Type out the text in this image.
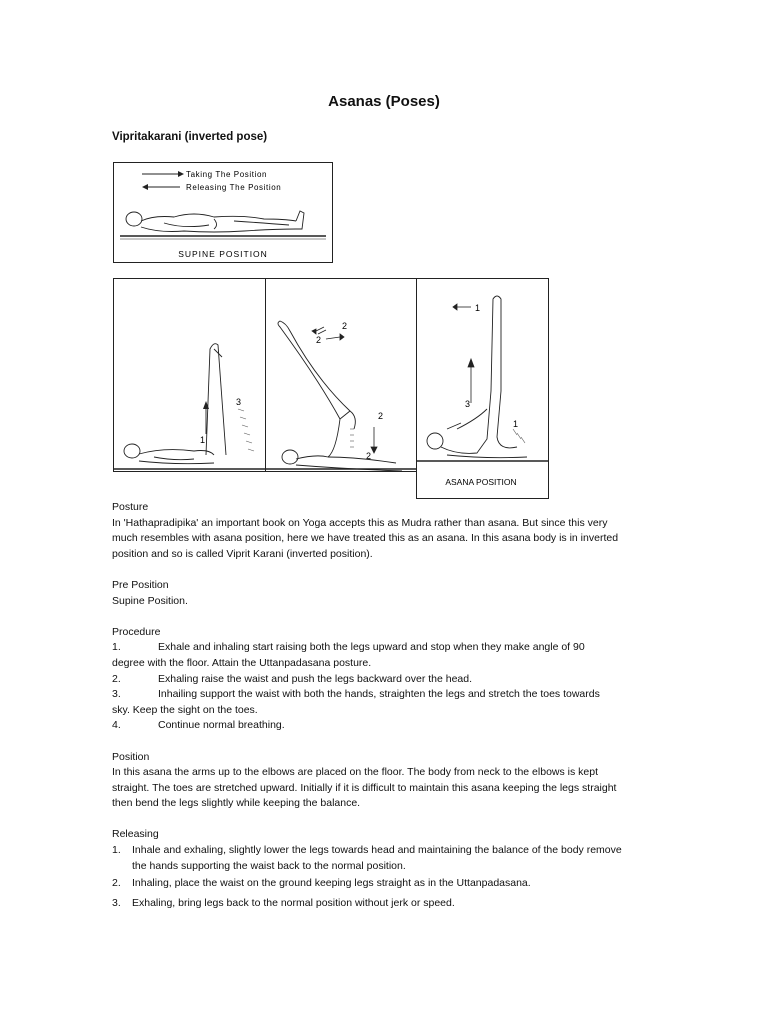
Asanas (Poses)
Vipritakarani (inverted pose)
Taking The Position
Releasing The Position
SUPINE POSITION
1
3
2
2
2
2
1
3
1
ASANA POSITION

Posture

In 'Hathapradipika' an important book on Yoga accepts this as Mudra rather than asana. But since this very much resembles with asana position, here we have treated this as an asana. In this asana body is in inverted position and so is called Viprit Karani (inverted position).

Pre Position

Supine Position.

Procedure

1.	Exhale and inhaling start raising both the legs upward and stop when they make angle of 90

degree with the floor. Attain the Uttanpadasana posture.

2.	Exhaling raise the waist and push the legs backward over the head.
3.	Inhailing support the waist with both the hands, straighten the legs and stretch the toes towards

sky. Keep the sight on the toes.

4.	Continue normal breathing.

Position

In this asana the arms up to the elbows are placed on the floor. The body from neck to the elbows is kept straight. The toes are stretched upward. Initially if it is difficult to maintain this asana keeping the legs straight then bend the legs slightly while keeping the balance.

Releasing

1.	Inhale and exhaling, slightly lower the legs towards head and maintaining the balance of the body remove the hands supporting the waist back to the normal position.
2.	Inhaling, place the waist on the ground keeping legs straight as in the Uttanpadasana.
3.	Exhaling, bring legs back to the normal position without jerk or speed.
